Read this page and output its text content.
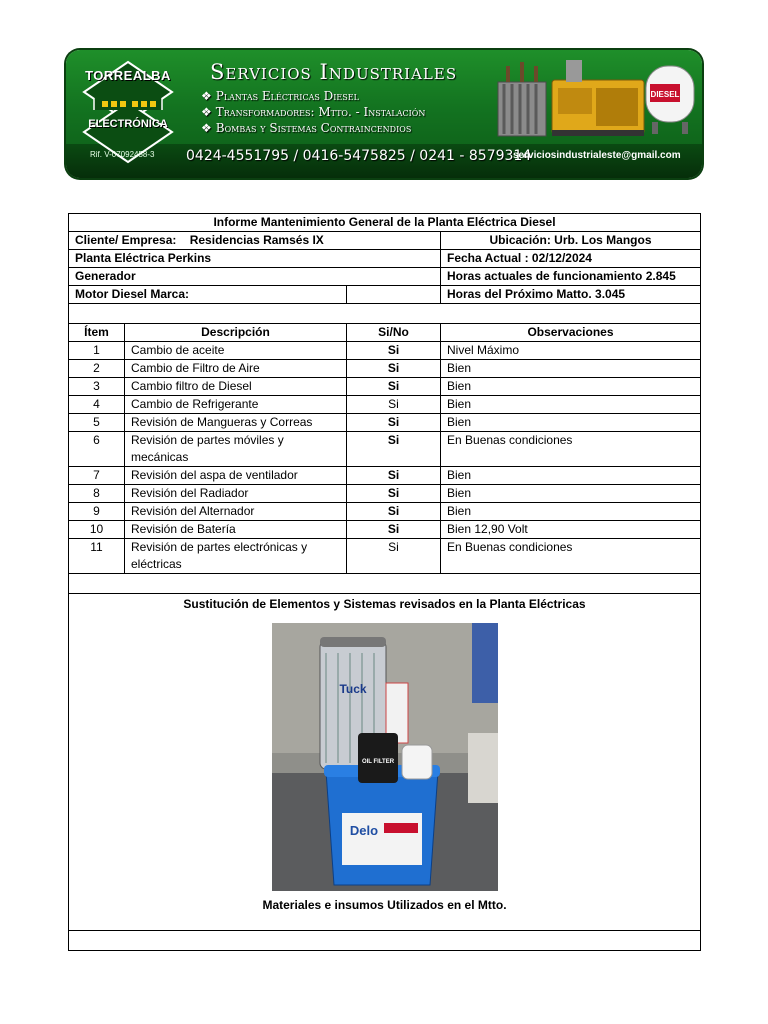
TORREALBA
ELECTRÓNICA
Rif. V-07092458-3
Servicios Industriales
❖ Plantas Eléctricas Diesel
❖ Transformadores: Mtto. - Instalación
❖ Bombas y Sistemas Contraincendios
0424-4551795 / 0416-5475825 / 0241 - 8579314
serviciosindustrialeste@gmail.com
DIESEL
Informe Mantenimiento General de la Planta Eléctrica Diesel			
Cliente/ Empresa: Residencias Ramsés IX			Ubicación: Urb. Los Mangos
Planta Eléctrica Perkins			Fecha Actual : 02/12/2024
Generador			Horas actuales de funcionamiento 2.845
Motor Diesel Marca:			Horas del Próximo Matto. 3.045

Ítem	Descripción	Si/No	Observaciones
1	Cambio de aceite	Si	Nivel Máximo
2	Cambio de Filtro de Aire	Si	Bien
3	Cambio filtro de Diesel	Si	Bien
4	Cambio de Refrigerante	Si	Bien
5	Revisión de Mangueras y Correas	Si	Bien
6	Revisión de partes móviles y mecánicas	Si	En Buenas condiciones
7	Revisión del aspa de ventilador	Si	Bien
8	Revisión del Radiador	Si	Bien
9	Revisión del Alternador	Si	Bien
10	Revisión de Batería	Si	Bien 12,90 Volt
11	Revisión de partes electrónicas y eléctricas	Si	En Buenas condiciones

Sustitución de Elementos y Sistemas revisados en la Planta Eléctricas
Tuck
Delo
OIL FILTER
Materiales e insumos Utilizados en el Mtto.			
